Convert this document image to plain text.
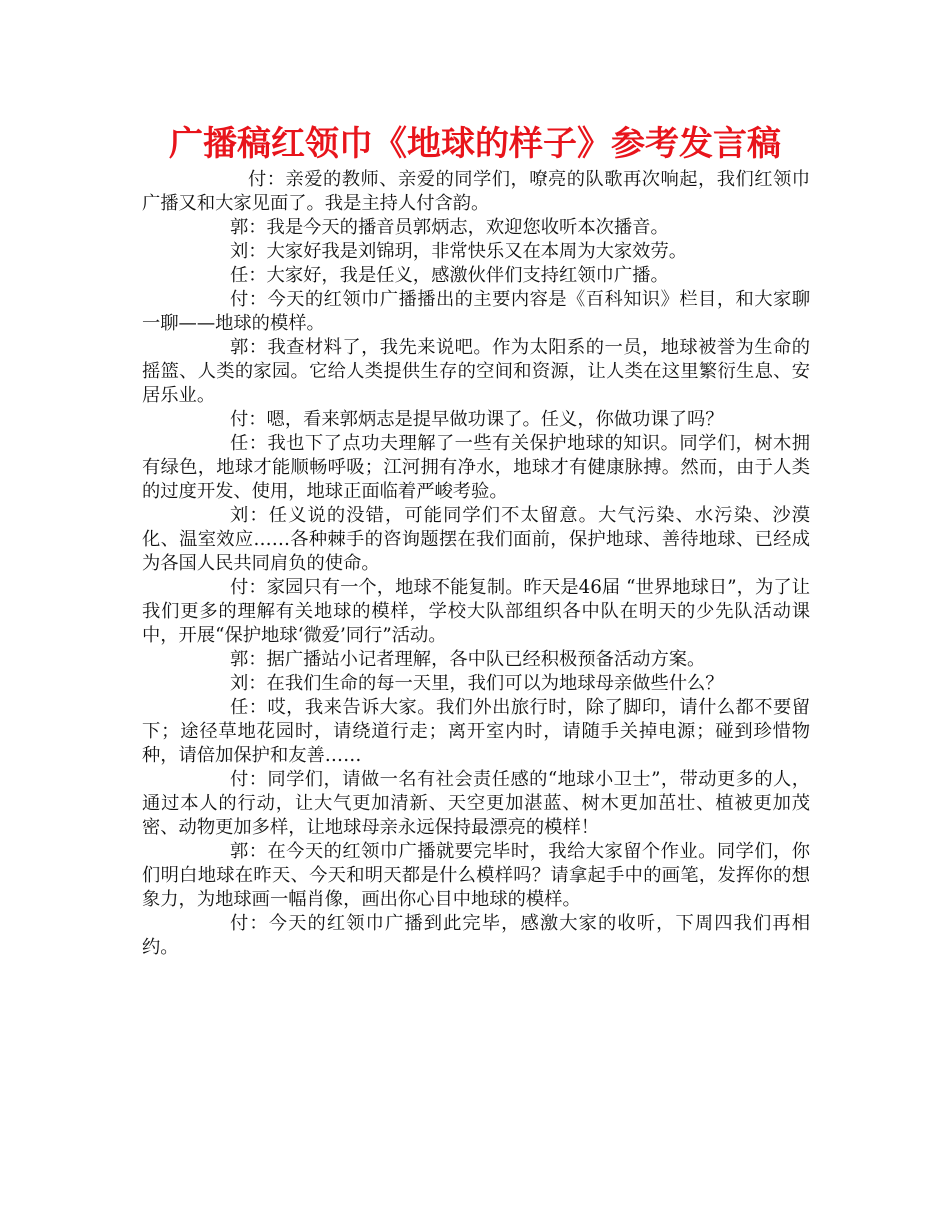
广播稿红领巾《地球的样子》参考发言稿

付：亲爱的教师、亲爱的同学们，嘹亮的队歌再次响起，我们红领巾广播又和大家见面了。我是主持人付含韵。

郭：我是今天的播音员郭炳志，欢迎您收听本次播音。

刘：大家好我是刘锦玥，非常快乐又在本周为大家效劳。

任：大家好，我是任义，感激伙伴们支持红领巾广播。

付：今天的红领巾广播播出的主要内容是《百科知识》栏目，和大家聊一聊——地球的模样。

郭：我查材料了，我先来说吧。作为太阳系的一员，地球被誉为生命的摇篮、人类的家园。它给人类提供生存的空间和资源，让人类在这里繁衍生息、安居乐业。

付：嗯，看来郭炳志是提早做功课了。任义，你做功课了吗？

任：我也下了点功夫理解了一些有关保护地球的知识。同学们，树木拥有绿色，地球才能顺畅呼吸；江河拥有净水，地球才有健康脉搏。然而，由于人类的过度开发、使用，地球正面临着严峻考验。

刘：任义说的没错，可能同学们不太留意。大气污染、水污染、沙漠化、温室效应……各种棘手的咨询题摆在我们面前，保护地球、善待地球、已经成为各国人民共同肩负的使命。

付：家园只有一个，地球不能复制。昨天是46届 “世界地球日”，为了让我们更多的理解有关地球的模样，学校大队部组织各中队在明天的少先队活动课中，开展“保护地球‘微爱’同行”活动。

郭：据广播站小记者理解，各中队已经积极预备活动方案。

刘：在我们生命的每一天里，我们可以为地球母亲做些什么？

任：哎，我来告诉大家。我们外出旅行时，除了脚印，请什么都不要留下；途径草地花园时，请绕道行走；离开室内时，请随手关掉电源；碰到珍惜物种，请倍加保护和友善……

付：同学们，请做一名有社会责任感的“地球小卫士”，带动更多的人，通过本人的行动，让大气更加清新、天空更加湛蓝、树木更加茁壮、植被更加茂密、动物更加多样，让地球母亲永远保持最漂亮的模样！

郭：在今天的红领巾广播就要完毕时，我给大家留个作业。同学们，你们明白地球在昨天、今天和明天都是什么模样吗？请拿起手中的画笔，发挥你的想象力，为地球画一幅肖像，画出你心目中地球的模样。

付：今天的红领巾广播到此完毕，感激大家的收听，下周四我们再相约。
